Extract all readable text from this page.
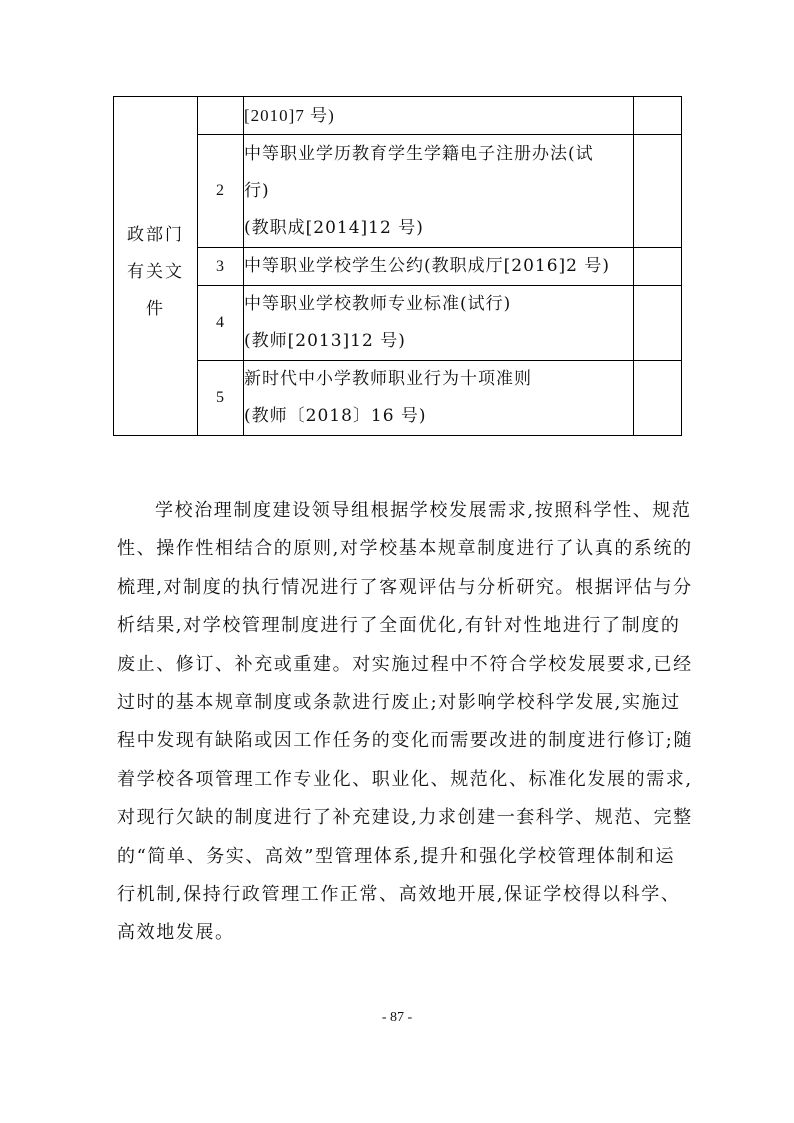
政部门
有关文
件		[2010]7 号)	

	2	中等职业学历教育学生学籍电子注册办法(试
行)
(教职成[2014]12 号)	

	3	中等职业学校学生公约(教职成厅[2016]2 号)	

	4	中等职业学校教师专业标准(试行)
(教师[2013]12 号)	

	5	新时代中小学教师职业行为十项准则
(教师〔2018〕16 号)	

学校治理制度建设领导组根据学校发展需求,按照科学性、规范
性、操作性相结合的原则,对学校基本规章制度进行了认真的系统的
梳理,对制度的执行情况进行了客观评估与分析研究。根据评估与分
析结果,对学校管理制度进行了全面优化,有针对性地进行了制度的
废止、修订、补充或重建。对实施过程中不符合学校发展要求,已经
过时的基本规章制度或条款进行废止;对影响学校科学发展,实施过
程中发现有缺陷或因工作任务的变化而需要改进的制度进行修订;随
着学校各项管理工作专业化、职业化、规范化、标准化发展的需求,
对现行欠缺的制度进行了补充建设,力求创建一套科学、规范、完整
的“简单、务实、高效”型管理体系,提升和强化学校管理体制和运
行机制,保持行政管理工作正常、高效地开展,保证学校得以科学、
高效地发展。
- 87 -
